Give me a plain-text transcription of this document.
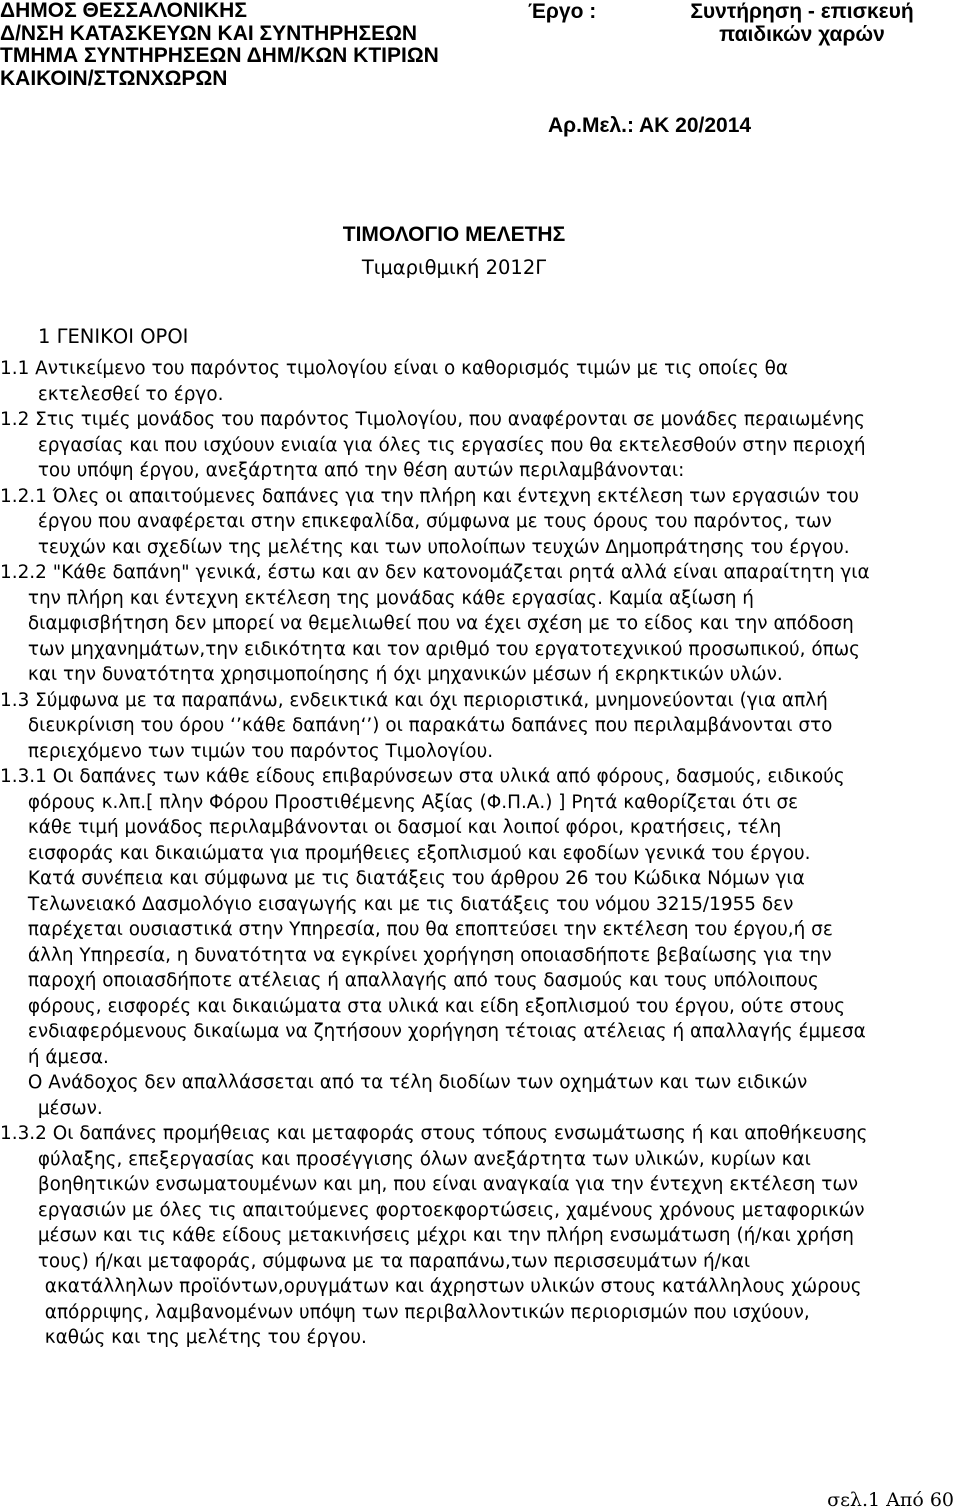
ΔΗΜΟΣ ΘΕΣΣΑΛΟΝΙΚΗΣ
Δ/ΝΣΗ ΚΑΤΑΣΚΕΥΩΝ ΚΑΙ ΣΥΝΤΗΡΗΣΕΩΝ
ΤΜΗΜΑ ΣΥΝΤΗΡΗΣΕΩΝ ΔΗΜ/ΚΩΝ ΚΤΙΡΙΩΝ
ΚΑΙΚΟΙΝ/ΣΤΩΝΧΩΡΩΝ
Έργο :	Συντήρηση - επισκευή
παιδικών χαρών
Αρ.Μελ.: ΑΚ 20/2014
ΤΙΜΟΛΟΓΙΟ ΜΕΛΕΤΗΣ
Τιμαριθμική 2012Γ
1 ΓΕΝΙΚΟΙ ΟΡΟΙ
1.1 Αντικείμενο του παρόντος τιμολογίου είναι ο καθορισμός τιμών με τις οποίες θα
εκτελεσθεί το έργο.
1.2 Στις τιμές μονάδος του παρόντος Τιμολογίου, που αναφέρονται σε μονάδες περαιωμένης
εργασίας και που ισχύουν ενιαία για όλες τις εργασίες που θα εκτελεσθούν στην περιοχή
του υπόψη έργου, ανεξάρτητα από την θέση αυτών περιλαμβάνονται:
1.2.1 Όλες οι απαιτούμενες δαπάνες για την πλήρη και έντεχνη εκτέλεση των εργασιών του
έργου που αναφέρεται στην επικεφαλίδα, σύμφωνα με τους όρους του παρόντος, των
τευχών και σχεδίων της μελέτης και των υπολοίπων τευχών Δημοπράτησης του έργου.
1.2.2 "Κάθε δαπάνη" γενικά, έστω και αν δεν κατονομάζεται ρητά αλλά είναι απαραίτητη για
την πλήρη και έντεχνη εκτέλεση της μονάδας κάθε εργασίας. Καμία αξίωση ή
διαμφισβήτηση δεν μπορεί να θεμελιωθεί που να έχει σχέση με το είδος και την απόδοση
των μηχανημάτων,την ειδικότητα και τον αριθμό του εργατοτεχνικού προσωπικού, όπως
και την δυνατότητα χρησιμοποίησης ή όχι μηχανικών μέσων ή εκρηκτικών υλών.
1.3 Σύμφωνα με τα παραπάνω, ενδεικτικά και όχι περιοριστικά, μνημονεύονται (για απλή
διευκρίνιση του όρου ‘’κάθε δαπάνη‘’) οι παρακάτω δαπάνες που περιλαμβάνονται στο
περιεχόμενο των τιμών του παρόντος Τιμολογίου.
1.3.1 Οι δαπάνες των κάθε είδους επιβαρύνσεων στα υλικά από φόρους, δασμούς, ειδικούς
φόρους κ.λπ.[ πλην Φόρου Προστιθέμενης Αξίας (Φ.Π.Α.) ] Ρητά καθορίζεται ότι σε
κάθε τιμή μονάδος περιλαμβάνονται οι δασμοί και λοιποί φόροι, κρατήσεις, τέλη
εισφοράς και δικαιώματα για προμήθειες εξοπλισμού και εφοδίων γενικά του έργου.
Κατά συνέπεια και σύμφωνα με τις διατάξεις του άρθρου 26 του Κώδικα Νόμων για
Τελωνειακό Δασμολόγιο εισαγωγής και με τις διατάξεις του νόμου 3215/1955 δεν
παρέχεται ουσιαστικά στην Υπηρεσία, που θα εποπτεύσει την εκτέλεση του έργου,ή σε
άλλη Υπηρεσία, η δυνατότητα να εγκρίνει χορήγηση οποιασδήποτε βεβαίωσης για την
παροχή οποιασδήποτε ατέλειας ή απαλλαγής από τους δασμούς και τους υπόλοιπους
φόρους, εισφορές και δικαιώματα στα υλικά και είδη εξοπλισμού του έργου, ούτε στους
ενδιαφερόμενους δικαίωμα να ζητήσουν χορήγηση τέτοιας ατέλειας ή απαλλαγής έμμεσα
ή άμεσα.
Ο Ανάδοχος δεν απαλλάσσεται από τα τέλη διοδίων των οχημάτων και των ειδικών
μέσων.
1.3.2 Οι δαπάνες προμήθειας και μεταφοράς στους τόπους ενσωμάτωσης ή και αποθήκευσης
φύλαξης, επεξεργασίας και προσέγγισης όλων ανεξάρτητα των υλικών, κυρίων και
βοηθητικών ενσωματουμένων και μη, που είναι αναγκαία για την έντεχνη εκτέλεση των
εργασιών με όλες τις απαιτούμενες φορτοεκφορτώσεις, χαμένους χρόνους μεταφορικών
μέσων και τις κάθε είδους μετακινήσεις μέχρι και την πλήρη ενσωμάτωση (ή/και χρήση
τους) ή/και μεταφοράς, σύμφωνα με τα παραπάνω,των περισσευμάτων ή/και
ακατάλληλων προϊόντων,ορυγμάτων και άχρηστων υλικών στους κατάλληλους χώρους
απόρριψης, λαμβανομένων υπόψη των περιβαλλοντικών περιορισμών που ισχύουν,
καθώς και της μελέτης του έργου.
σελ.1 Από 60
